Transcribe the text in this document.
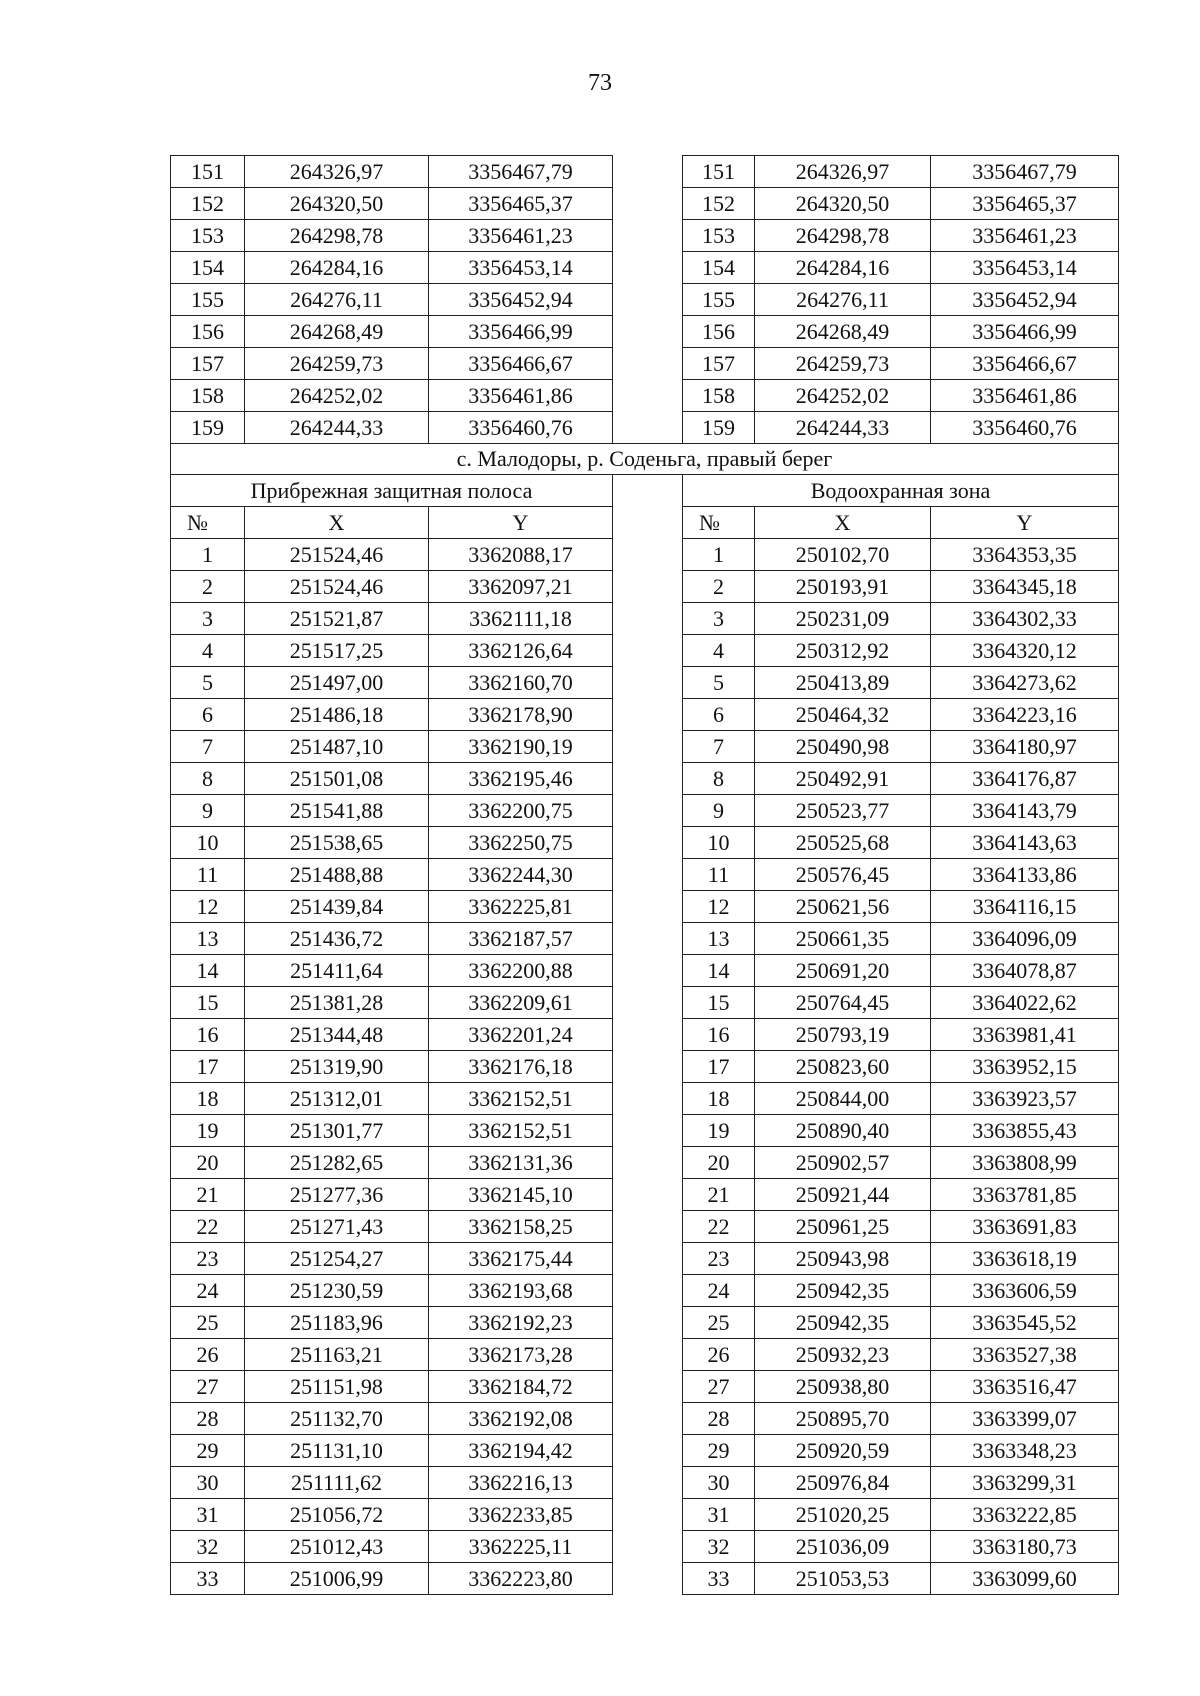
73
151	264326,97	3356467,79		151	264326,97	3356467,79
152	264320,50	3356465,37		152	264320,50	3356465,37
153	264298,78	3356461,23		153	264298,78	3356461,23
154	264284,16	3356453,14		154	264284,16	3356453,14
155	264276,11	3356452,94		155	264276,11	3356452,94
156	264268,49	3356466,99		156	264268,49	3356466,99
157	264259,73	3356466,67		157	264259,73	3356466,67
158	264252,02	3356461,86		158	264252,02	3356461,86
159	264244,33	3356460,76		159	264244,33	3356460,76
с. Малодоры, р. Соденьга, правый берег						
Прибрежная защитная полоса				Водоохранная зона		
№	X	Y		№	X	Y
1	251524,46	3362088,17		1	250102,70	3364353,35
2	251524,46	3362097,21		2	250193,91	3364345,18
3	251521,87	3362111,18		3	250231,09	3364302,33
4	251517,25	3362126,64		4	250312,92	3364320,12
5	251497,00	3362160,70		5	250413,89	3364273,62
6	251486,18	3362178,90		6	250464,32	3364223,16
7	251487,10	3362190,19		7	250490,98	3364180,97
8	251501,08	3362195,46		8	250492,91	3364176,87
9	251541,88	3362200,75		9	250523,77	3364143,79
10	251538,65	3362250,75		10	250525,68	3364143,63
11	251488,88	3362244,30		11	250576,45	3364133,86
12	251439,84	3362225,81		12	250621,56	3364116,15
13	251436,72	3362187,57		13	250661,35	3364096,09
14	251411,64	3362200,88		14	250691,20	3364078,87
15	251381,28	3362209,61		15	250764,45	3364022,62
16	251344,48	3362201,24		16	250793,19	3363981,41
17	251319,90	3362176,18		17	250823,60	3363952,15
18	251312,01	3362152,51		18	250844,00	3363923,57
19	251301,77	3362152,51		19	250890,40	3363855,43
20	251282,65	3362131,36		20	250902,57	3363808,99
21	251277,36	3362145,10		21	250921,44	3363781,85
22	251271,43	3362158,25		22	250961,25	3363691,83
23	251254,27	3362175,44		23	250943,98	3363618,19
24	251230,59	3362193,68		24	250942,35	3363606,59
25	251183,96	3362192,23		25	250942,35	3363545,52
26	251163,21	3362173,28		26	250932,23	3363527,38
27	251151,98	3362184,72		27	250938,80	3363516,47
28	251132,70	3362192,08		28	250895,70	3363399,07
29	251131,10	3362194,42		29	250920,59	3363348,23
30	251111,62	3362216,13		30	250976,84	3363299,31
31	251056,72	3362233,85		31	251020,25	3363222,85
32	251012,43	3362225,11		32	251036,09	3363180,73
33	251006,99	3362223,80		33	251053,53	3363099,60
